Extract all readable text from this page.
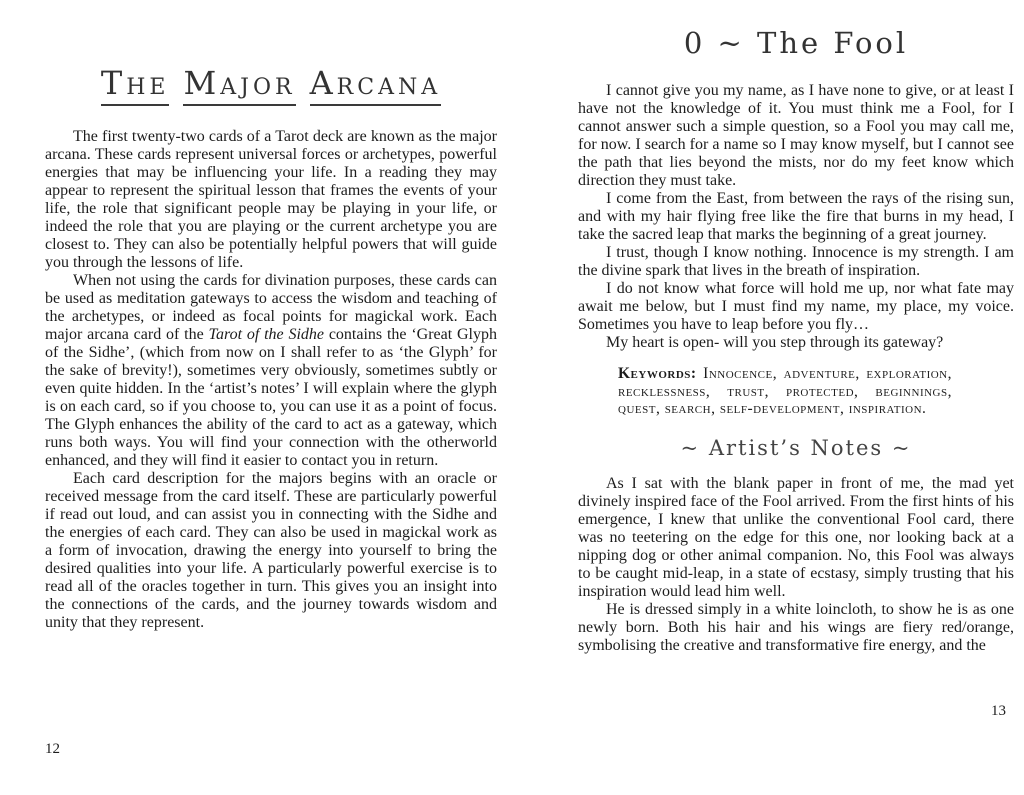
The Major Arcana

The first twenty-two cards of a Tarot deck are known as the major arcana. These cards represent universal forces or archetypes, powerful energies that may be influencing your life. In a reading they may appear to represent the spiritual lesson that frames the events of your life, the role that significant people may be playing in your life, or indeed the role that you are playing or the current archetype you are closest to. They can also be potentially helpful powers that will guide you through the lessons of life.

When not using the cards for divination purposes, these cards can be used as meditation gateways to access the wisdom and teaching of the archetypes, or indeed as focal points for magickal work. Each major arcana card of the Tarot of the Sidhe contains the ‘Great Glyph of the Sidhe’, (which from now on I shall refer to as ‘the Glyph’ for the sake of brevity!), sometimes very obviously, sometimes subtly or even quite hidden. In the ‘artist’s notes’ I will explain where the glyph is on each card, so if you choose to, you can use it as a point of focus. The Glyph enhances the ability of the card to act as a gateway, which runs both ways. You will find your connection with the otherworld enhanced, and they will find it easier to contact you in return.

Each card description for the majors begins with an oracle or received message from the card itself. These are particularly powerful if read out loud, and can assist you in connecting with the Sidhe and the energies of each card. They can also be used in magickal work as a form of invocation, drawing the energy into yourself to bring the desired qualities into your life. A particularly powerful exercise is to read all of the oracles together in turn. This gives you an insight into the connections of the cards, and the journey towards wisdom and unity that they represent.

12
0 ~ The Fool

I cannot give you my name, as I have none to give, or at least I have not the knowledge of it. You must think me a Fool, for I cannot answer such a simple question, so a Fool you may call me, for now. I search for a name so I may know myself, but I cannot see the path that lies beyond the mists, nor do my feet know which direction they must take.

I come from the East, from between the rays of the rising sun, and with my hair flying free like the fire that burns in my head, I take the sacred leap that marks the beginning of a great journey.

I trust, though I know nothing. Innocence is my strength. I am the divine spark that lives in the breath of inspiration.

I do not know what force will hold me up, nor what fate may await me below, but I must find my name, my place, my voice. Sometimes you have to leap before you fly…

My heart is open- will you step through its gateway?

Keywords: Innocence, adventure, exploration, recklessness, trust, protected, beginnings, quest, search, self-development, inspiration.
~ Artist’s Notes ~

As I sat with the blank paper in front of me, the mad yet divinely inspired face of the Fool arrived. From the first hints of his emergence, I knew that unlike the conventional Fool card, there was no teetering on the edge for this one, nor looking back at a nipping dog or other animal companion. No, this Fool was always to be caught mid-leap, in a state of ecstasy, simply trusting that his inspiration would lead him well.

He is dressed simply in a white loincloth, to show he is as one newly born. Both his hair and his wings are fiery red/orange, symbolising the creative and transformative fire energy, and the

13
